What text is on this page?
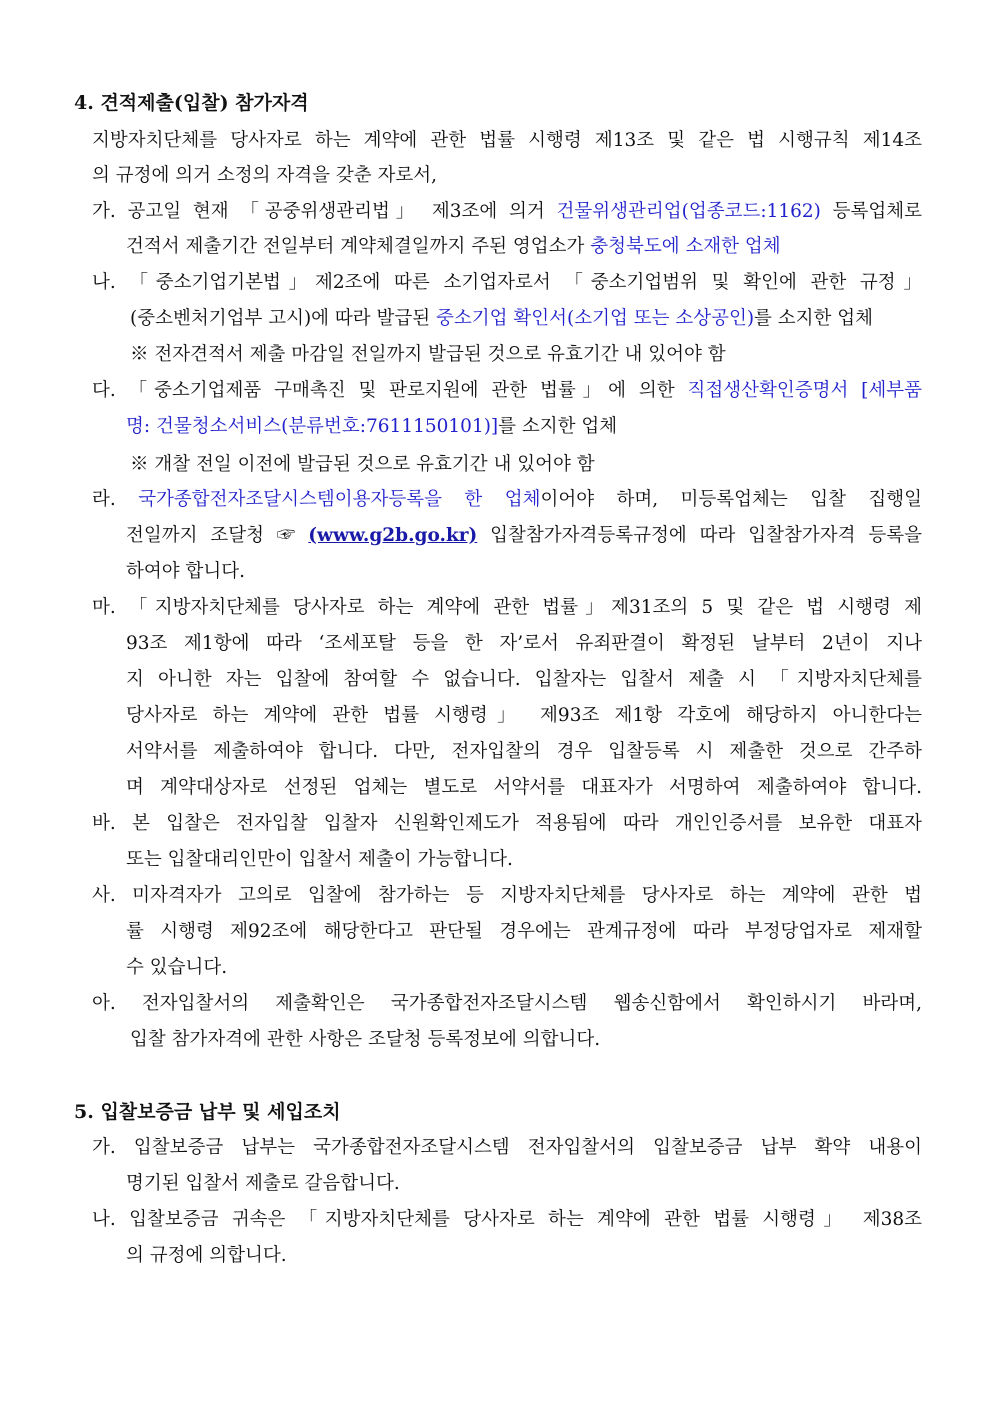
4. 견적제출(입찰) 참가자격
지방자치단체를 당사자로 하는 계약에 관한 법률 시행령 제13조 및 같은 법 시행규칙 제14조
의 규정에 의거 소정의 자격을 갖춘 자로서,
가. 공고일 현재 「공중위생관리법」 제3조에 의거 건물위생관리업(업종코드:1162) 등록업체로
건적서 제출기간 전일부터 계약체결일까지 주된 영업소가 충청북도에 소재한 업체
나. 「중소기업기본법」제2조에 따른 소기업자로서 「중소기업범위 및 확인에 관한 규정」
(중소벤처기업부 고시)에 따라 발급된 중소기업 확인서(소기업 또는 소상공인)를 소지한 업체
※ 전자견적서 제출 마감일 전일까지 발급된 것으로 유효기간 내 있어야 함
다. 「중소기업제품 구매촉진 및 판로지원에 관한 법률」에 의한 직접생산확인증명서 [세부품
명: 건물청소서비스(분류번호:7611150101)]를 소지한 업체
※ 개찰 전일 이전에 발급된 것으로 유효기간 내 있어야 함
라. 국가종합전자조달시스템이용자등록을 한 업체이어야 하며, 미등록업체는 입찰 집행일
전일까지 조달청 ☞ (www.g2b.go.kr) 입찰참가자격등록규정에 따라 입찰참가자격 등록을
하여야 합니다.
마. 「지방자치단체를 당사자로 하는 계약에 관한 법률」제31조의 5 및 같은 법 시행령 제
93조 제1항에 따라 ‘조세포탈 등을 한 자’로서 유죄판결이 확정된 날부터 2년이 지나
지 아니한 자는 입찰에 참여할 수 없습니다. 입찰자는 입찰서 제출 시 「지방자치단체를
당사자로 하는 계약에 관한 법률 시행령」 제93조 제1항 각호에 해당하지 아니한다는
서약서를 제출하여야 합니다. 다만, 전자입찰의 경우 입찰등록 시 제출한 것으로 간주하
며 계약대상자로 선정된 업체는 별도로 서약서를 대표자가 서명하여 제출하여야 합니다.
바. 본 입찰은 전자입찰 입찰자 신원확인제도가 적용됨에 따라 개인인증서를 보유한 대표자
또는 입찰대리인만이 입찰서 제출이 가능합니다.
사. 미자격자가 고의로 입찰에 참가하는 등 지방자치단체를 당사자로 하는 계약에 관한 법
률 시행령 제92조에 해당한다고 판단될 경우에는 관계규정에 따라 부정당업자로 제재할
수 있습니다.
아. 전자입찰서의 제출확인은 국가종합전자조달시스템 웹송신함에서 확인하시기 바라며,
입찰 참가자격에 관한 사항은 조달청 등록정보에 의합니다.
5. 입찰보증금 납부 및 세입조치
가. 입찰보증금 납부는 국가종합전자조달시스템 전자입찰서의 입찰보증금 납부 확약 내용이
명기된 입찰서 제출로 갈음합니다.
나. 입찰보증금 귀속은 「지방자치단체를 당사자로 하는 계약에 관한 법률 시행령」 제38조
의 규정에 의합니다.
